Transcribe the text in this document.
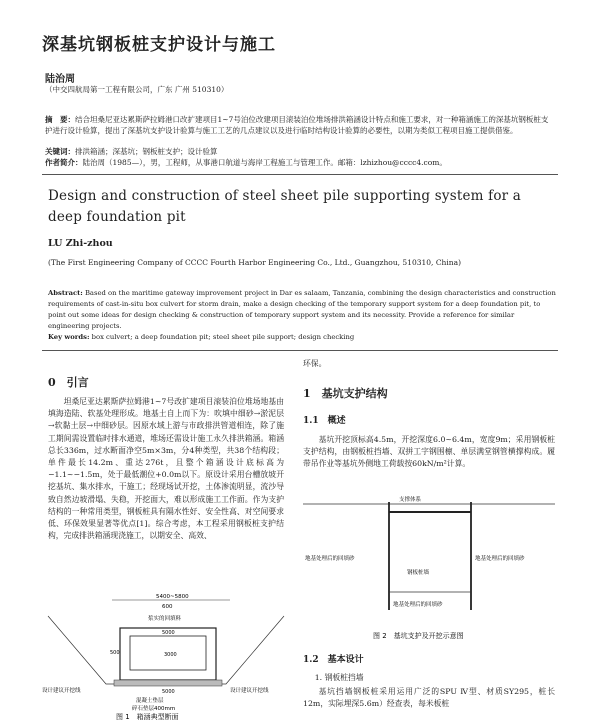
深基坑钢板桩支护设计与施工
陆治周
（中交四航局第一工程有限公司，广东 广州 510310）
摘　要：结合坦桑尼亚达累斯萨拉姆港口改扩建项目1~7号泊位改建项目滚装泊位堆场排洪箱涵设计特点和施工要求，对一种箱涵施工的深基坑钢板桩支护进行设计验算，提出了深基坑支护设计验算与施工工艺的几点建议以及进行临时结构设计验算的必要性，以期为类似工程项目施工提供借鉴。
关键词：排洪箱涵；深基坑；钢板桩支护；设计验算
作者简介：陆治周（1985—），男，工程师，从事港口航道与海岸工程施工与管理工作。邮箱：lzhizhou@cccc4.com。
Design and construction of steel sheet pile supporting system for a deep foundation pit
LU Zhi-zhou
(The First Engineering Company of CCCC Fourth Harbor Engineering Co., Ltd., Guangzhou, 510310, China)
Abstract: Based on the maritime gateway improvement project in Dar es salaam, Tanzania, combining the design characteristics and construction requirements of cast-in-situ box culvert for storm drain, make a design checking of the temporary support system for a deep foundation pit, to point out some ideas for design checking & construction of temporary support system and its necessity. Provide a reference for similar engineering projects.
Key words: box culvert; a deep foundation pit; steel sheet pile support; design checking
0　引言
坦桑尼亚达累斯萨拉姆港1~7号改扩建项目滚装泊位堆场地基由填海造陆、软基处理形成。地基土自上而下为：吹填中细砂→淤泥层→软黏土层→中细砂层。因原水域上游与市政排洪管道相连，除了施工期间需设置临时排水通道，堆场还需设计施工永久排洪箱涵。箱涵总长336m，过水断面净空5m×3m，分4种类型，共38个结构段；单件最长14.2m、重达276t，且整个箱涵设计底标高为−1.1~−1.5m，处于最低潮位+0.0m以下。原设计采用台槽放坡开挖基坑、集水排水，干施工；经现场试开挖，土体渗流明显，流沙导致自然边坡滑塌、失稳，开挖面大，难以形成施工工作面。作为支护结构的一种常用类型，钢板桩具有隔水性好、安全性高、对空间要求低、环保效果显著等优点[1]。综合考虑，本工程采用钢板桩支护结构，完成排洪箱涵现浇施工，以期安全、高效、
5400~5800
600
浆实的回填料
5000
500	3000
5000
设计建议开挖线	设计建议开挖线
混凝土垫层
碎石垫层400mm
图 1　箱涵典型断面
环保。
1　基坑支护结构
1.1　概述
基坑开挖顶标高4.5m，开挖深度6.0~6.4m，宽度9m；采用钢板桩支护结构，由钢板桩挡墙、双拼工字钢围檩、单层满堂钢管横撑构成。履带吊作业等基坑外侧地工荷载按60kN/m²计算。
支撑体系
地基处理后的回填砂	地基处理后的回填砂
钢板桩墙
地基处理后的回填砂
图 2　基坑支护及开挖示意图
1.2　基本设计
1. 钢板桩挡墙
基坑挡墙钢板桩采用运用广泛的SPU Ⅳ型、材质SY295，桩长12m，实际埋深5.6m）经查表，每米板桩
